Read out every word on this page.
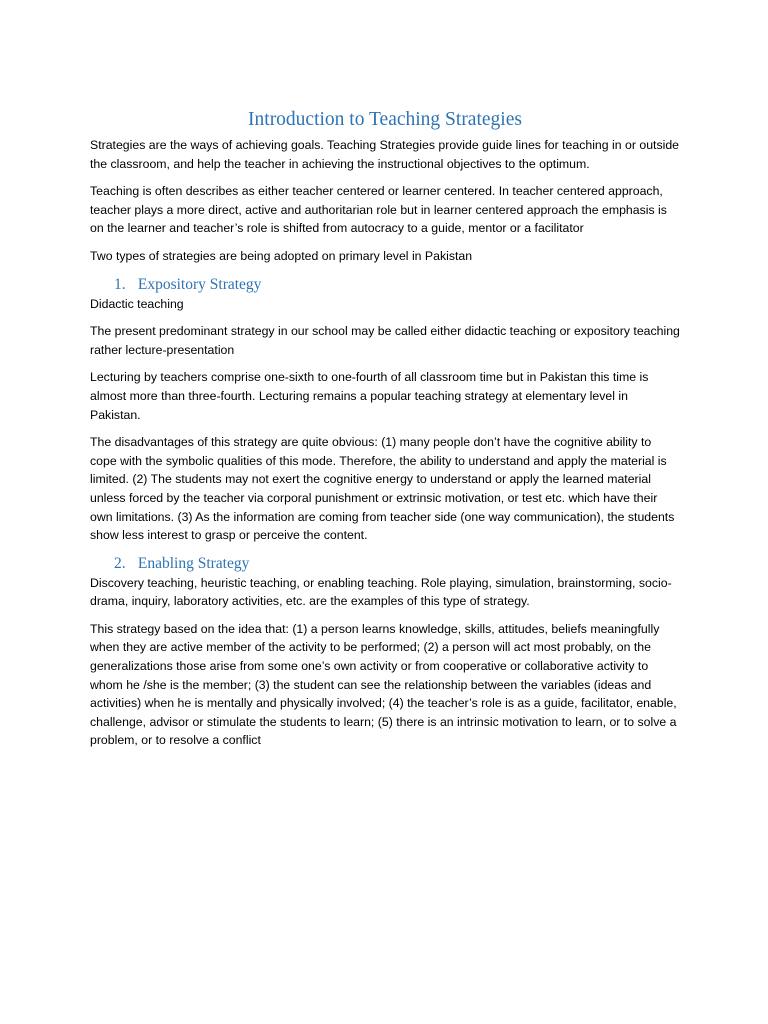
Introduction to Teaching Strategies

Strategies are the ways of achieving goals. Teaching Strategies provide guide lines for teaching in or outside the classroom, and help the teacher in achieving the instructional objectives to the optimum.

Teaching is often describes as either teacher centered or learner centered. In teacher centered approach, teacher plays a more direct, active and authoritarian role but in learner centered approach the emphasis is on the learner and teacher’s role is shifted from autocracy to a guide, mentor or a facilitator

Two types of strategies are being adopted on primary level in Pakistan

1. Expository Strategy

Didactic teaching

The present predominant strategy in our school may be called either didactic teaching or expository teaching rather lecture-presentation

Lecturing by teachers comprise one-sixth to one-fourth of all classroom time but in Pakistan this time is almost more than three-fourth. Lecturing remains a popular teaching strategy at elementary level in Pakistan.

The disadvantages of this strategy are quite obvious: (1) many people don’t have the cognitive ability to cope with the symbolic qualities of this mode. Therefore, the ability to understand and apply the material is limited. (2) The students may not exert the cognitive energy to understand or apply the learned material unless forced by the teacher via corporal punishment or extrinsic motivation, or test etc. which have their own limitations. (3) As the information are coming from teacher side (one way communication), the students show less interest to grasp or perceive the content.

2. Enabling Strategy

Discovery teaching, heuristic teaching, or enabling teaching. Role playing, simulation, brainstorming, socio-drama, inquiry, laboratory activities, etc. are the examples of this type of strategy.

This strategy based on the idea that: (1) a person learns knowledge, skills, attitudes, beliefs meaningfully when they are active member of the activity to be performed; (2) a person will act most probably, on the generalizations those arise from some one’s own activity or from cooperative or collaborative activity to whom he /she is the member; (3) the student can see the relationship between the variables (ideas and activities) when he is mentally and physically involved; (4) the teacher’s role is as a guide, facilitator, enable, challenge, advisor or stimulate the students to learn; (5) there is an intrinsic motivation to learn, or to solve a problem, or to resolve a conflict
